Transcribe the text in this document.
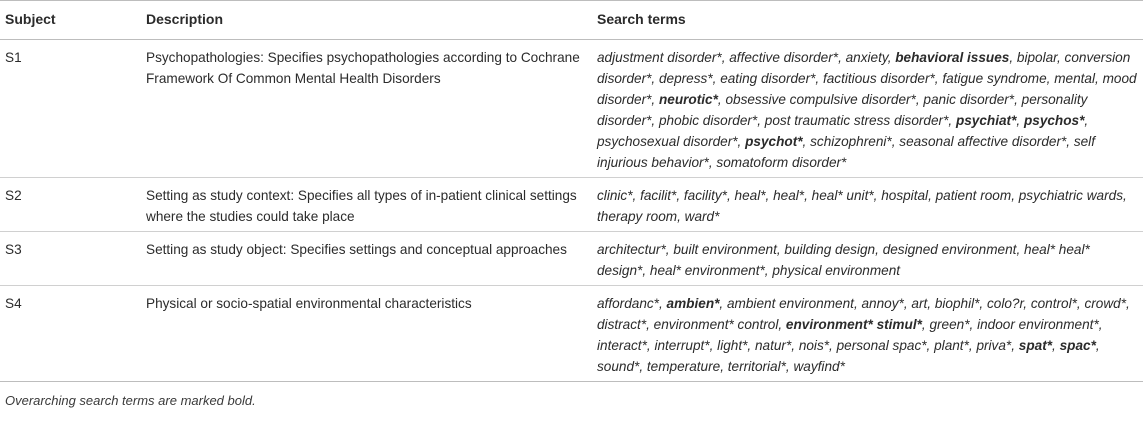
Subject	Description	Search terms
S1	Psychopathologies: Specifies psychopathologies according to Cochrane Framework Of Common Mental Health Disorders	adjustment disorder*, affective disorder*, anxiety, behavioral issues, bipolar, conversion disorder*, depress*, eating disorder*, factitious disorder*, fatigue syndrome, mental, mood disorder*, neurotic*, obsessive compulsive disorder*, panic disorder*, personality disorder*, phobic disorder*, post traumatic stress disorder*, psychiat*, psychos*, psychosexual disorder*, psychot*, schizophreni*, seasonal affective disorder*, self injurious behavior*, somatoform disorder*
S2	Setting as study context: Specifies all types of in-patient clinical settings where the studies could take place	clinic*, facilit*, facility*, heal*, heal*, heal* unit*, hospital, patient room, psychiatric wards, therapy room, ward*
S3	Setting as study object: Specifies settings and conceptual approaches	architectur*, built environment, building design, designed environment, heal* heal* design*, heal* environment*, physical environment
S4	Physical or socio-spatial environmental characteristics	affordanc*, ambien*, ambient environment, annoy*, art, biophil*, colo?r, control*, crowd*, distract*, environment* control, environment* stimul*, green*, indoor environment*, interact*, interrupt*, light*, natur*, nois*, personal spac*, plant*, priva*, spat*, spac*, sound*, temperature, territorial*, wayfind*
Overarching search terms are marked bold.
